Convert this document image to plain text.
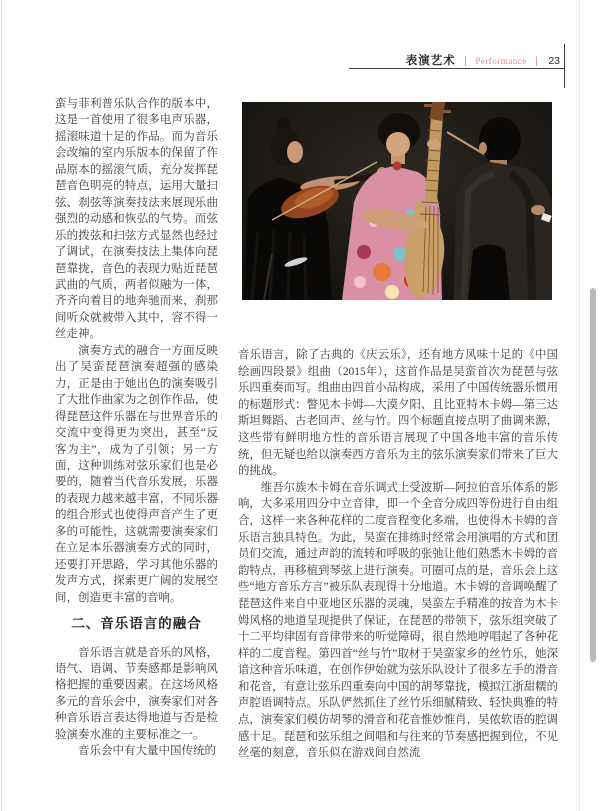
表演艺术 | Performance | 23

蛮与菲利普乐队合作的版本中，这是一首使用了很多电声乐器，摇滚味道十足的作品。而为音乐会改编的室内乐版本的保留了作品原本的摇滚气质，充分发挥琵琶音色明亮的特点，运用大量扫弦、刹弦等演奏技法来展现乐曲强烈的动感和恢弘的气势。而弦乐的拨弦和扫弦方式显然也经过了调试，在演奏技法上集体向琵琶靠拢，音色的表现力贴近琵琶武曲的气质，两者似融为一体，齐齐向着目的地奔驰而来，刹那间听众就被带入其中，容不得一丝走神。

演奏方式的融合一方面反映出了吴蛮琵琶演奏超强的感染力，正是由于她出色的演奏吸引了大批作曲家为之创作作品，使得琵琶这件乐器在与世界音乐的交流中变得更为突出，甚至“反客为主”，成为了引领；另一方面，这种训练对弦乐家们也是必要的，随着当代音乐发展，乐器的表现力越来越丰富，不同乐器的组合形式也使得声音产生了更多的可能性，这就需要演奏家们在立足本乐器演奏方式的同时，还要打开思路，学习其他乐器的发声方式，探索更广阔的发展空间，创造更丰富的音响。

二、音乐语言的融合

音乐语言就是音乐的风格，语气、语调、节奏感都是影响风格把握的重要因素。在这场风格多元的音乐会中，演奏家们对各种音乐语言表达得地道与否是检验演奏水准的主要标准之一。

音乐会中有大量中国传统的

音乐语言，除了古典的《庆云乐》，还有地方风味十足的《中国绘画四段景》组曲（2015年），这首作品是吴蛮首次为琵琶与弦乐四重奏而写。组曲由四首小品构成，采用了中国传统器乐惯用的标题形式：瞥见木卡姆—大漠夕阳、且比亚特木卡姆—第三达斯坦舞蹈、古老回声、丝与竹。四个标题直接点明了曲调来源，这些带有鲜明地方性的音乐语言展现了中国各地丰富的音乐传统，但无疑也给以演奏西方音乐为主的弦乐演奏家们带来了巨大的挑战。

维吾尔族木卡姆在音乐调式上受波斯—阿拉伯音乐体系的影响，大多采用四分中立音律，即一个全音分成四等份进行自由组合，这样一来各种花样的二度音程变化多端，也使得木卡姆的音乐语言独具特色。为此，吴蛮在排练时经常会用演唱的方式和团员们交流，通过声韵的流转和呼吸的张弛让他们熟悉木卡姆的音韵特点，再移植到琴弦上进行演奏。可圈可点的是，音乐会上这些“地方音乐方言”被乐队表现得十分地道。木卡姆的音调唤醒了琵琶这件来自中亚地区乐器的灵魂，吴蛮左手精准的按音为木卡姆风格的地道呈现提供了保证，在琵琶的带领下，弦乐组突破了十二平均律固有音律带来的听觉障碍，很自然地哼唱起了各种花样的二度音程。第四首“丝与竹”取材于吴蛮家乡的丝竹乐，她深谙这种音乐味道，在创作伊始就为弦乐队设计了很多左手的滑音和花音，有意让弦乐四重奏向中国的胡琴靠拢，模拟江浙甜糯的声腔语调特点。乐队俨然抓住了丝竹乐细腻精致、轻快典雅的特点，演奏家们模仿胡琴的滑音和花音惟妙惟肖，吴侬软语的腔调感十足。琵琶和弦乐组之间唱和与往来的节奏感把握到位，不见丝毫的刻意，音乐似在游戏间自然流
